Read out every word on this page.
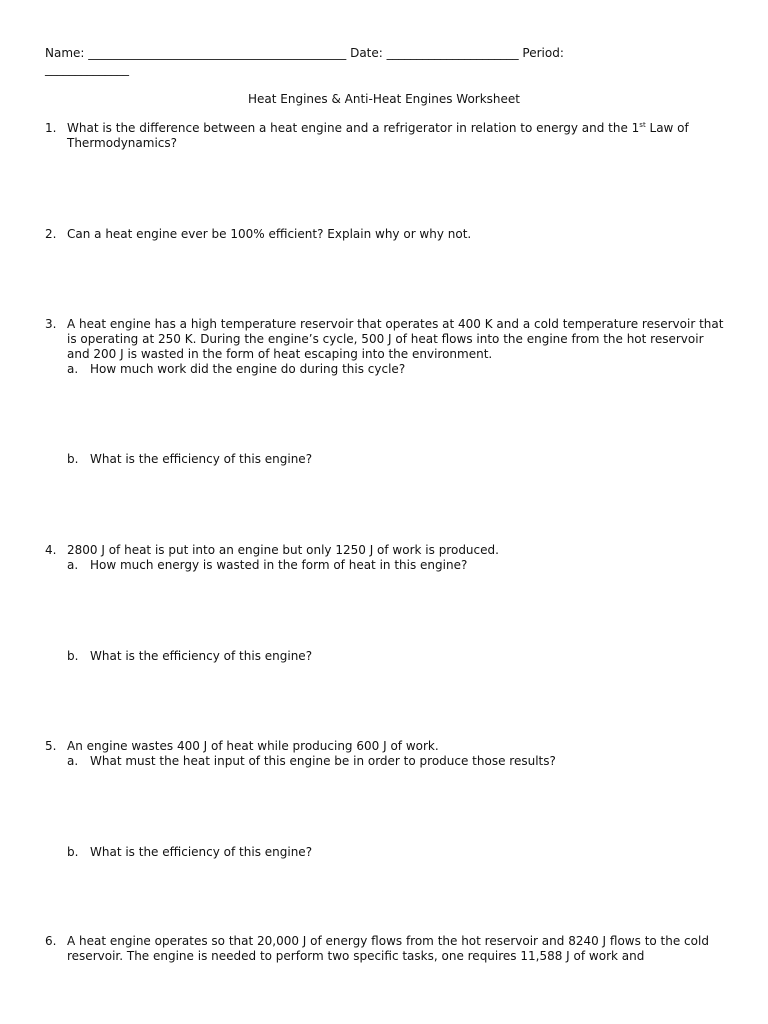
Name: ___________________________________________ Date: ______________________ Period:
______________
Heat Engines & Anti-Heat Engines Worksheet
1. What is the difference between a heat engine and a refrigerator in relation to energy and the 1st Law of Thermodynamics?
2. Can a heat engine ever be 100% efficient? Explain why or why not.
3. A heat engine has a high temperature reservoir that operates at 400 K and a cold temperature reservoir that is operating at 250 K. During the engine’s cycle, 500 J of heat flows into the engine from the hot reservoir and 200 J is wasted in the form of heat escaping into the environment.
a. How much work did the engine do during this cycle?
b. What is the efficiency of this engine?
4. 2800 J of heat is put into an engine but only 1250 J of work is produced.
a. How much energy is wasted in the form of heat in this engine?
b. What is the efficiency of this engine?
5. An engine wastes 400 J of heat while producing 600 J of work.
a. What must the heat input of this engine be in order to produce those results?
b. What is the efficiency of this engine?
6. A heat engine operates so that 20,000 J of energy flows from the hot reservoir and 8240 J flows to the cold reservoir. The engine is needed to perform two specific tasks, one requires 11,588 J of work and
